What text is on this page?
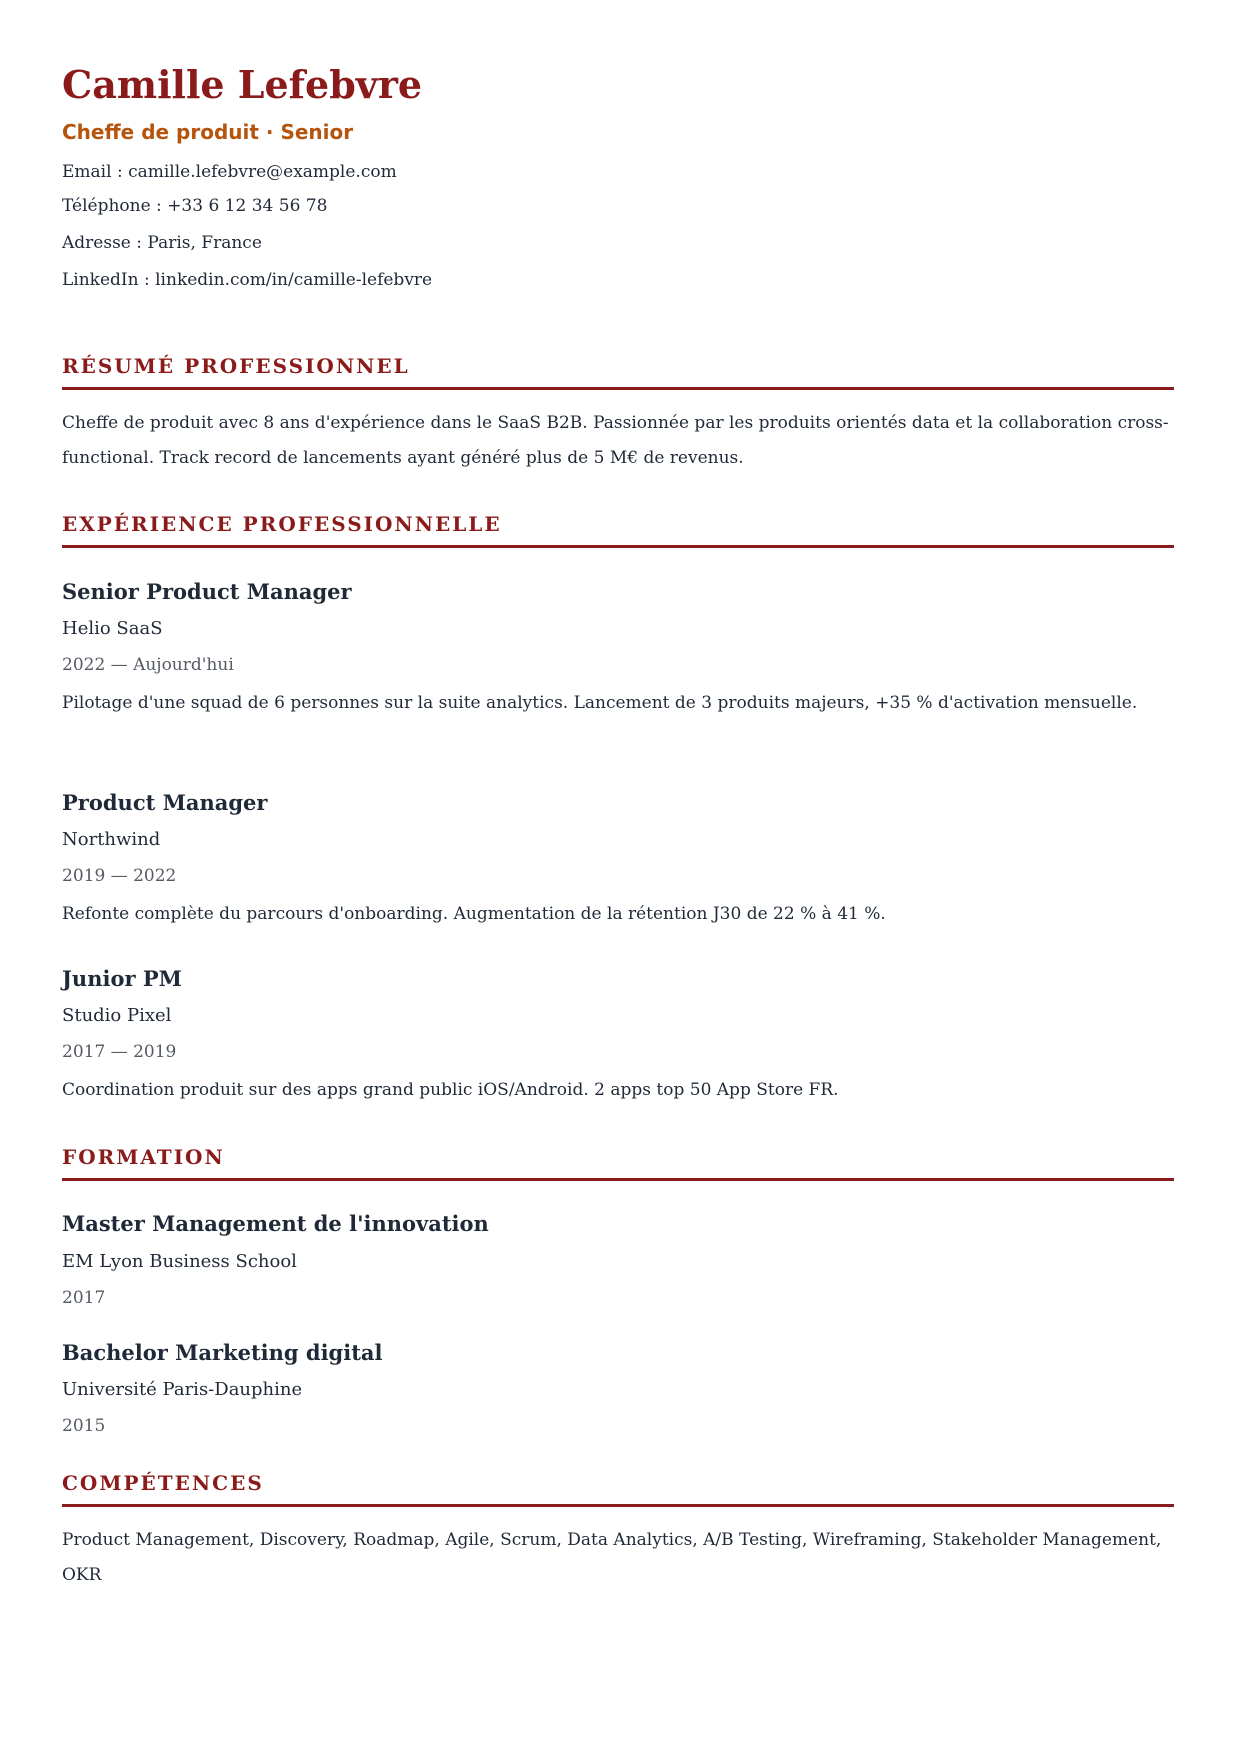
Camille Lefebvre
Cheffe de produit · Senior
Email : camille.lefebvre@example.com
Téléphone : +33 6 12 34 56 78
Adresse : Paris, France
LinkedIn : linkedin.com/in/camille-lefebvre
RÉSUMÉ PROFESSIONNEL

Cheffe de produit avec 8 ans d'expérience dans le SaaS B2B. Passionnée par les produits orientés data et la collaboration cross-functional. Track record de lancements ayant généré plus de 5 M€ de revenus.

EXPÉRIENCE PROFESSIONNELLE
Senior Product Manager
Helio SaaS
2022 — Aujourd'hui

Pilotage d'une squad de 6 personnes sur la suite analytics. Lancement de 3 produits majeurs, +35 % d'activation mensuelle.

Product Manager
Northwind
2019 — 2022

Refonte complète du parcours d'onboarding. Augmentation de la rétention J30 de 22 % à 41 %.

Junior PM
Studio Pixel
2017 — 2019

Coordination produit sur des apps grand public iOS/Android. 2 apps top 50 App Store FR.

FORMATION
Master Management de l'innovation
EM Lyon Business School
2017
Bachelor Marketing digital
Université Paris-Dauphine
2015
COMPÉTENCES

Product Management, Discovery, Roadmap, Agile, Scrum, Data Analytics, A/B Testing, Wireframing, Stakeholder Management, OKR
